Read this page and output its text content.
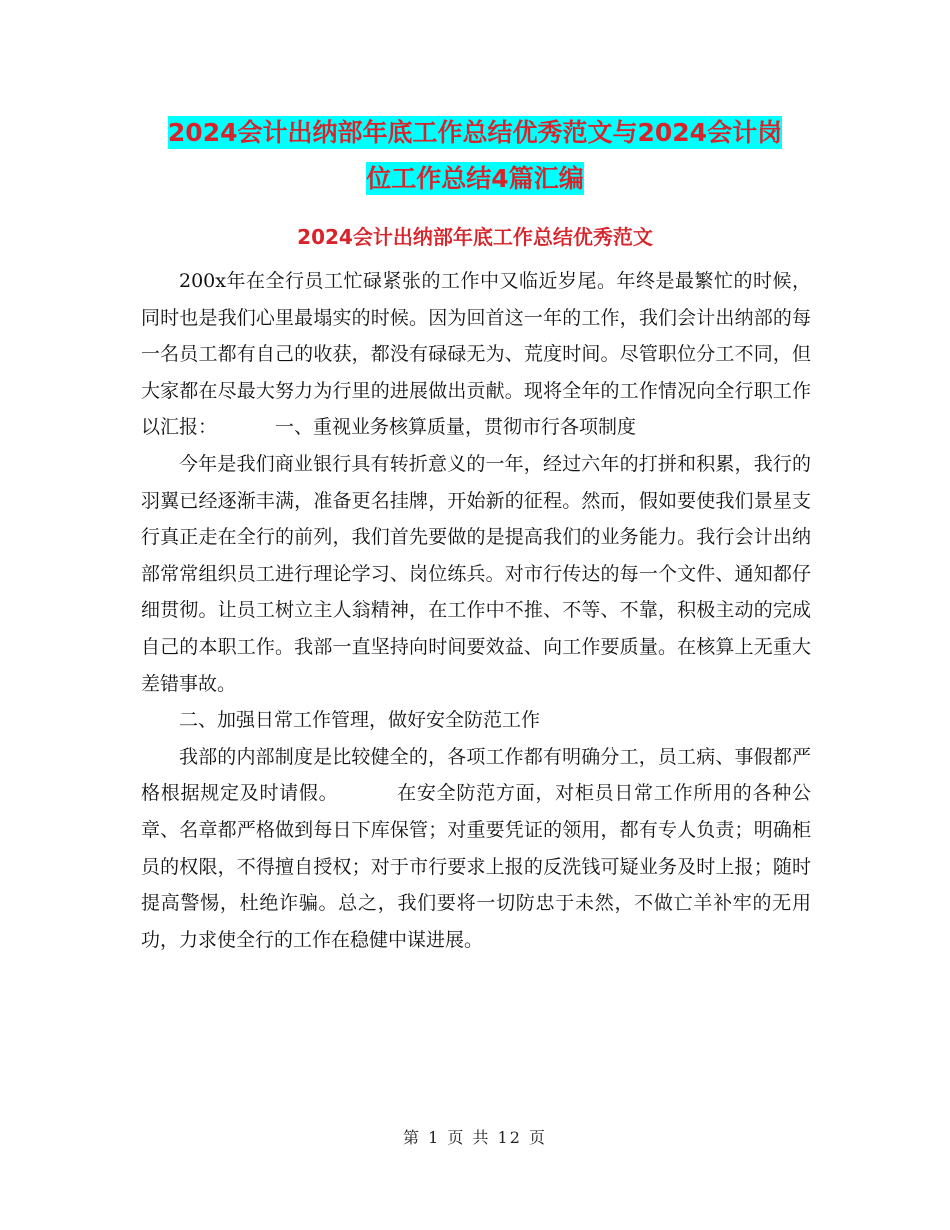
2024会计出纳部年底工作总结优秀范文与2024会计岗
位工作总结4篇汇编
2024会计出纳部年底工作总结优秀范文

200x年在全行员工忙碌紧张的工作中又临近岁尾。年终是最繁忙的时候，同时也是我们心里最塌实的时候。因为回首这一年的工作，我们会计出纳部的每一名员工都有自己的收获，都没有碌碌无为、荒度时间。尽管职位分工不同，但大家都在尽最大努力为行里的进展做出贡献。现将全年的工作情况向全行职工作以汇报：	一、重视业务核算质量，贯彻市行各项制度

今年是我们商业银行具有转折意义的一年，经过六年的打拼和积累，我行的羽翼已经逐渐丰满，准备更名挂牌，开始新的征程。然而，假如要使我们景星支行真正走在全行的前列，我们首先要做的是提高我们的业务能力。我行会计出纳部常常组织员工进行理论学习、岗位练兵。对市行传达的每一个文件、通知都仔细贯彻。让员工树立主人翁精神，在工作中不推、不等、不靠，积极主动的完成自己的本职工作。我部一直坚持向时间要效益、向工作要质量。在核算上无重大差错事故。

二、加强日常工作管理，做好安全防范工作

我部的内部制度是比较健全的，各项工作都有明确分工，员工病、事假都严格根据规定及时请假。	在安全防范方面，对柜员日常工作所用的各种公章、名章都严格做到每日下库保管；对重要凭证的领用，都有专人负责；明确柜员的权限，不得擅自授权；对于市行要求上报的反洗钱可疑业务及时上报；随时提高警惕，杜绝诈骗。总之，我们要将一切防忠于未然，不做亡羊补牢的无用功，力求使全行的工作在稳健中谋进展。

第 1 页 共 12 页
